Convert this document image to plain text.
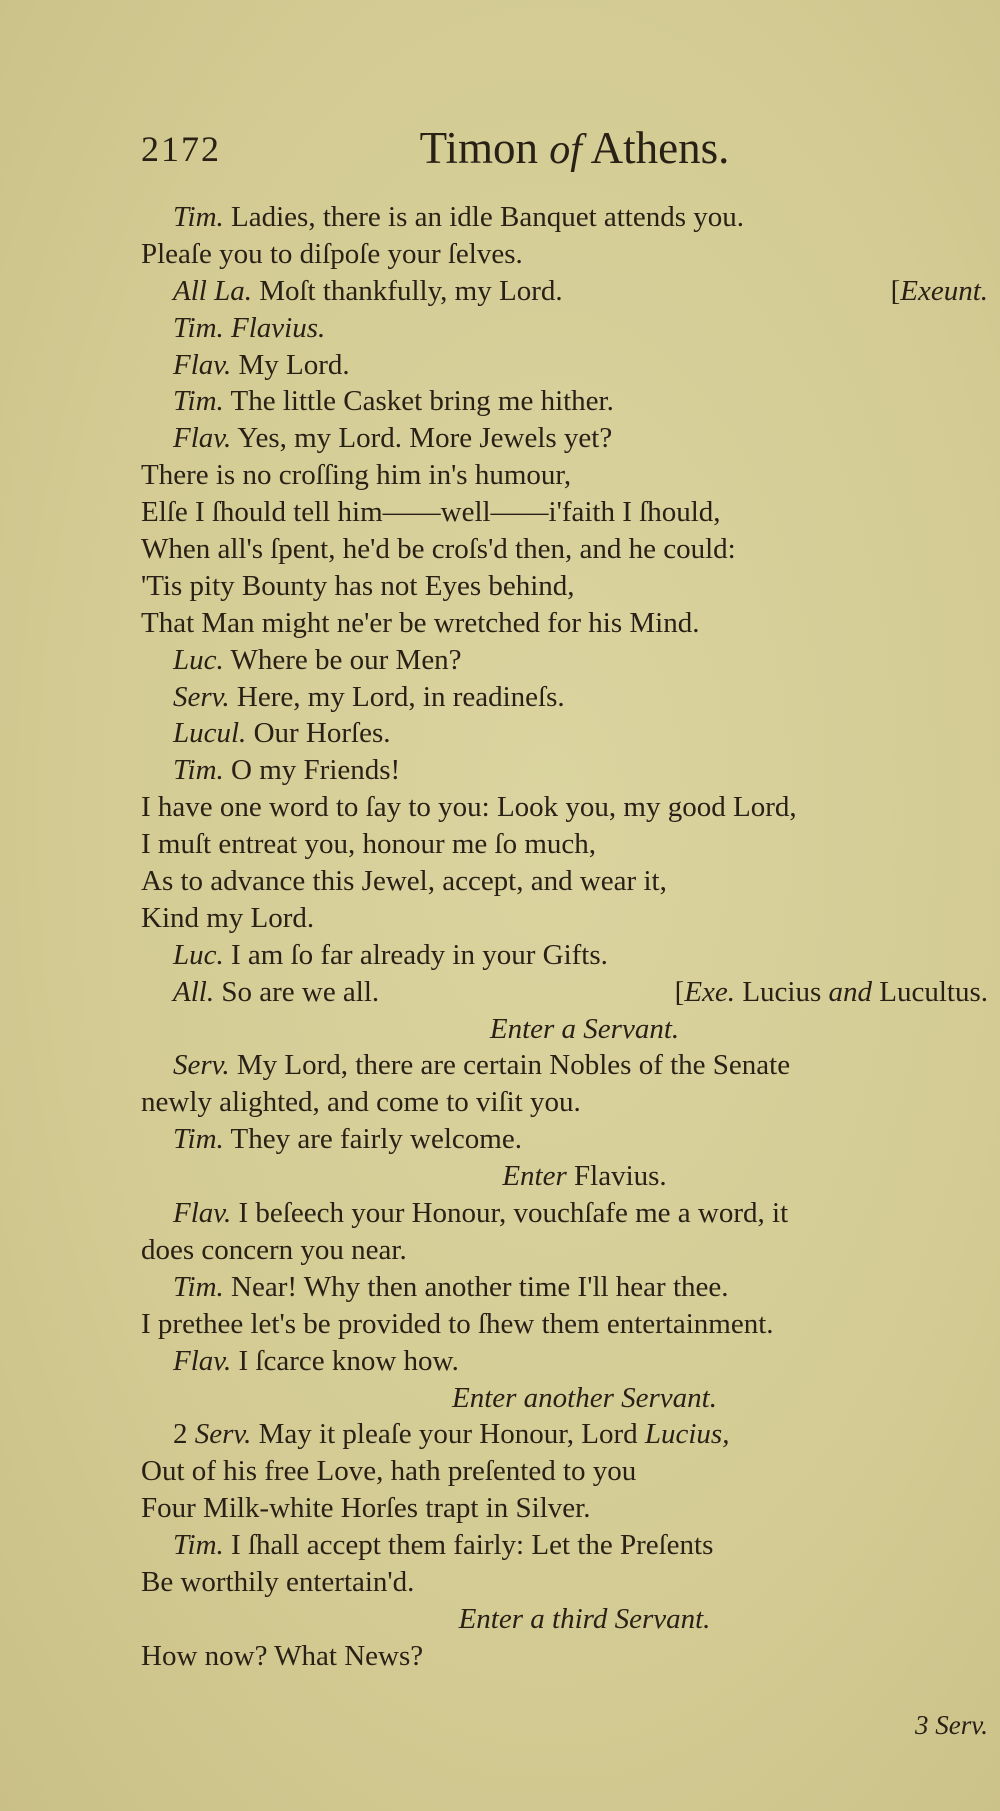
2172	Timon of Athens.
Tim. Ladies, there is an idle Banquet attends you.
Pleaſe you to diſpoſe your ſelves.
All La. Moſt thankfully, my Lord.	[Exeunt.
Tim. Flavius.
Flav. My Lord.
Tim. The little Casket bring me hither.
Flav. Yes, my Lord. More Jewels yet?
There is no croſſing him in's humour,
Elſe I ſhould tell him——well——i'faith I ſhould,
When all's ſpent, he'd be croſs'd then, and he could:
'Tis pity Bounty has not Eyes behind,
That Man might ne'er be wretched for his Mind.
Luc. Where be our Men?
Serv. Here, my Lord, in readineſs.
Lucul. Our Horſes.
Tim. O my Friends!
I have one word to ſay to you: Look you, my good Lord,
I muſt entreat you, honour me ſo much,
As to advance this Jewel, accept, and wear it,
Kind my Lord.
Luc. I am ſo far already in your Gifts.
All. So are we all.	[Exe. Lucius and Lucultus.
Enter a Servant.
Serv. My Lord, there are certain Nobles of the Senate
newly alighted, and come to viſit you.
Tim. They are fairly welcome.
Enter Flavius.
Flav. I beſeech your Honour, vouchſafe me a word, it
does concern you near.
Tim. Near! Why then another time I'll hear thee.
I prethee let's be provided to ſhew them entertainment.
Flav. I ſcarce know how.
Enter another Servant.
2 Serv. May it pleaſe your Honour, Lord Lucius,
Out of his free Love, hath preſented to you
Four Milk-white Horſes trapt in Silver.
Tim. I ſhall accept them fairly: Let the Preſents
Be worthily entertain'd.
Enter a third Servant.
How now? What News?
3 Serv.
